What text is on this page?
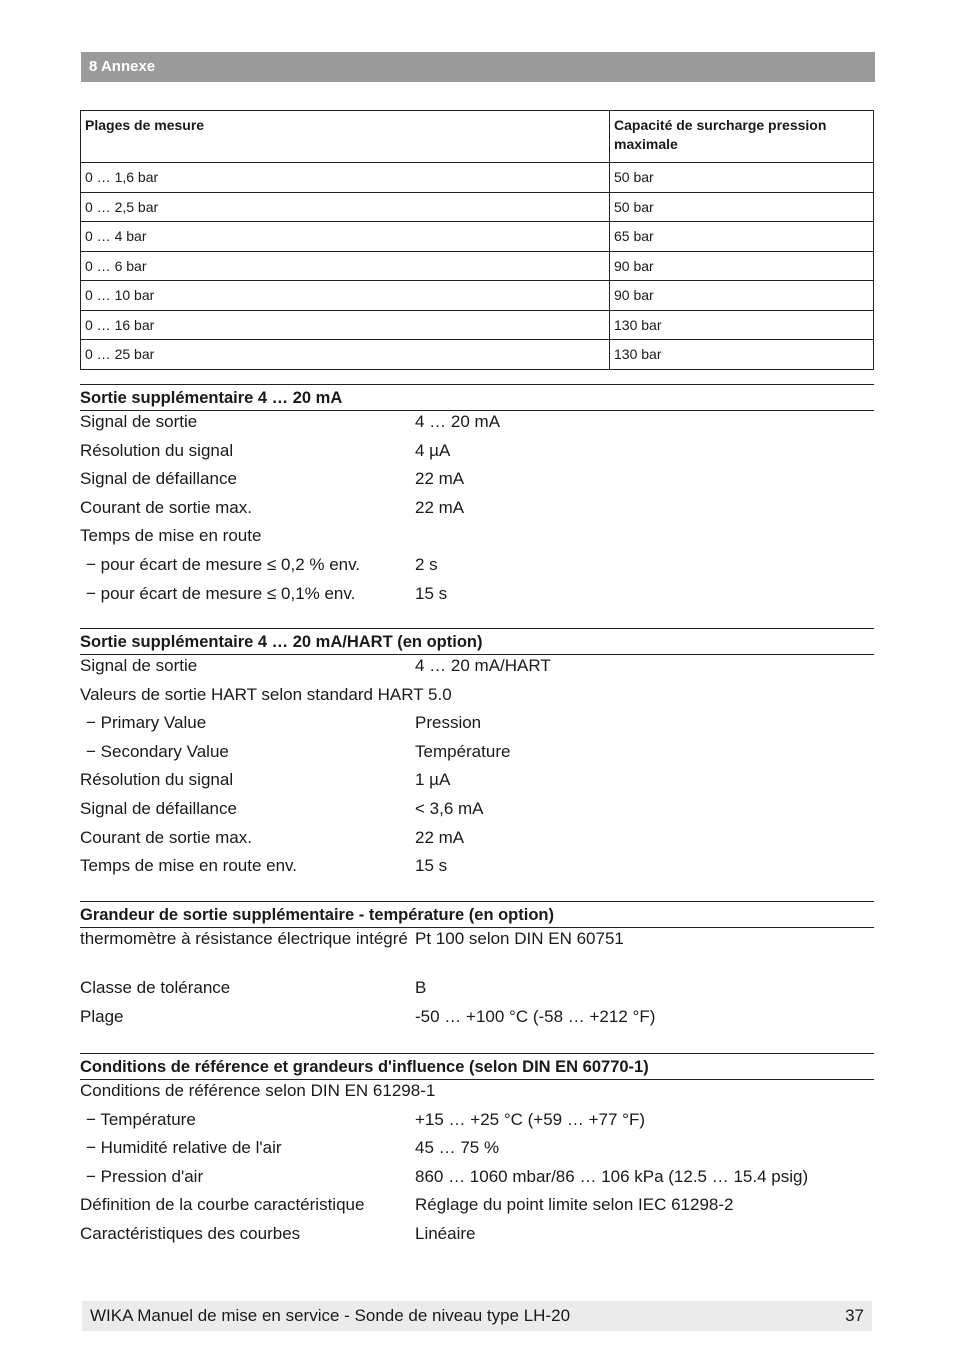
8 Annexe
Plages de mesure	Capacité de surcharge pression maximale
0 … 1,6 bar	50 bar
0 … 2,5 bar	50 bar
0 … 4 bar	65 bar
0 … 6 bar	90 bar
0 … 10 bar	90 bar
0 … 16 bar	130 bar
0 … 25 bar	130 bar
Sortie supplémentaire 4 … 20 mA
Signal de sortie	4 … 20 mA
Résolution du signal	4 µA
Signal de défaillance	22 mA
Courant de sortie max.	22 mA
Temps de mise en route
− pour écart de mesure ≤ 0,2 % env.	2 s
− pour écart de mesure ≤ 0,1% env.	15 s
Sortie supplémentaire 4 … 20 mA/HART (en option)
Signal de sortie	4 … 20 mA/HART
Valeurs de sortie HART selon standard HART 5.0
− Primary Value	Pression
− Secondary Value	Température
Résolution du signal	1 µA
Signal de défaillance	< 3,6 mA
Courant de sortie max.	22 mA
Temps de mise en route env.	15 s
Grandeur de sortie supplémentaire - température (en option)
thermomètre à résistance électrique intégré Pt 100 selon DIN EN 60751
Classe de tolérance	B
Plage	-50 … +100 °C (-58 … +212 °F)
Conditions de référence et grandeurs d'influence (selon DIN EN 60770-1)
Conditions de référence selon DIN EN 61298-1
− Température	+15 … +25 °C (+59 … +77 °F)
− Humidité relative de l'air	45 … 75 %
− Pression d'air	860 … 1060 mbar/86 … 106 kPa (12.5 … 15.4 psig)
Définition de la courbe caractéristique	Réglage du point limite selon IEC 61298-2
Caractéristiques des courbes	Linéaire
WIKA Manuel de mise en service - Sonde de niveau type LH-20	37
